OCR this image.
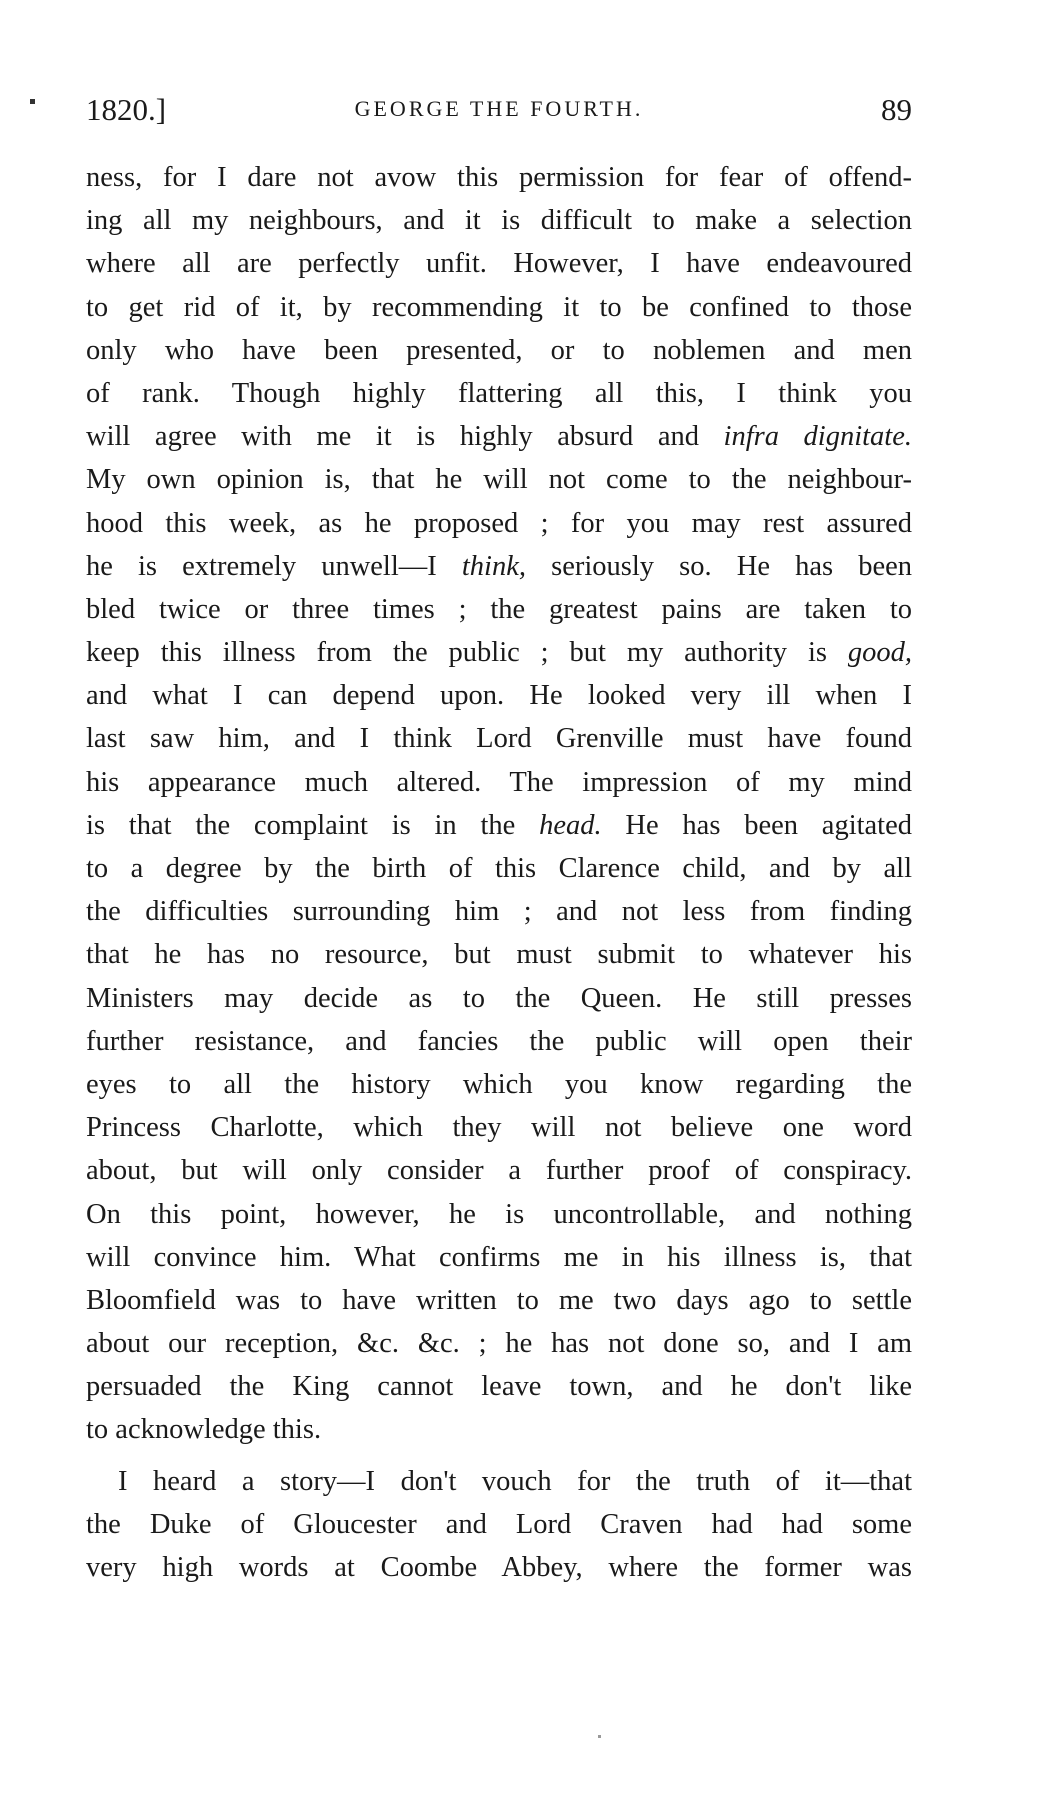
1820.]	GEORGE THE FOURTH.	89
ness, for I dare not avow this permission for fear of offend-
ing all my neighbours, and it is difficult to make a selection
where all are perfectly unfit. However, I have endeavoured
to get rid of it, by recommending it to be confined to those
only who have been presented, or to noblemen and men
of rank. Though highly flattering all this, I think you
will agree with me it is highly absurd and infra dignitate.
My own opinion is, that he will not come to the neighbour-
hood this week, as he proposed ; for you may rest assured
he is extremely unwell—I think, seriously so. He has been
bled twice or three times ; the greatest pains are taken to
keep this illness from the public ; but my authority is good,
and what I can depend upon. He looked very ill when I
last saw him, and I think Lord Grenville must have found
his appearance much altered. The impression of my mind
is that the complaint is in the head. He has been agitated
to a degree by the birth of this Clarence child, and by all
the difficulties surrounding him ; and not less from finding
that he has no resource, but must submit to whatever his
Ministers may decide as to the Queen. He still presses
further resistance, and fancies the public will open their
eyes to all the history which you know regarding the
Princess Charlotte, which they will not believe one word
about, but will only consider a further proof of conspiracy.
On this point, however, he is uncontrollable, and nothing
will convince him. What confirms me in his illness is, that
Bloomfield was to have written to me two days ago to settle
about our reception, &c. &c. ; he has not done so, and I am
persuaded the King cannot leave town, and he don't like
to acknowledge this.
I heard a story—I don't vouch for the truth of it—that
the Duke of Gloucester and Lord Craven had had some
very high words at Coombe Abbey, where the former was
